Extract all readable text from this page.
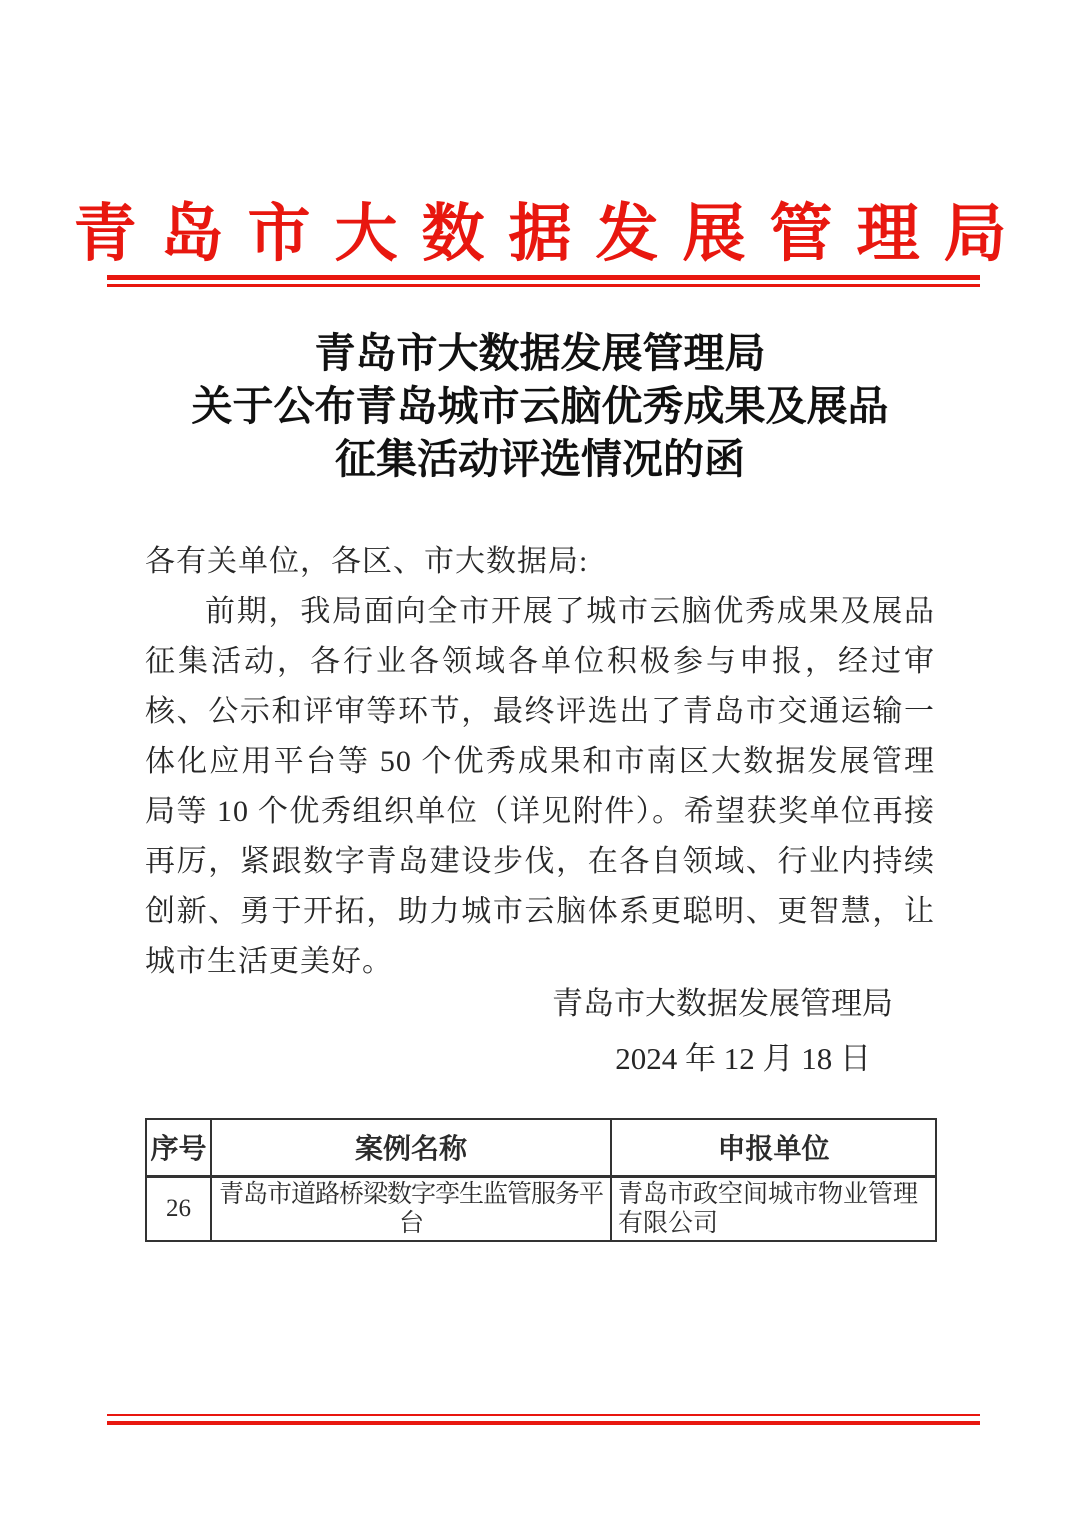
青岛市大数据发展管理局
青岛市大数据发展管理局
关于公布青岛城市云脑优秀成果及展品
征集活动评选情况的函
各有关单位，各区、市大数据局:

前期，我局面向全市开展了城市云脑优秀成果及展品征集活动，各行业各领域各单位积极参与申报，经过审核、公示和评审等环节，最终评选出了青岛市交通运输一体化应用平台等 50 个优秀成果和市南区大数据发展管理局等 10 个优秀组织单位（详见附件）。希望获奖单位再接再厉，紧跟数字青岛建设步伐，在各自领域、行业内持续创新、勇于开拓，助力城市云脑体系更聪明、更智慧，让城市生活更美好。

青岛市大数据发展管理局
2024 年 12 月 18 日
序号	案例名称	申报单位
26	青岛市道路桥梁数字孪生监管服务平台	青岛市政空间城市物业管理有限公司
